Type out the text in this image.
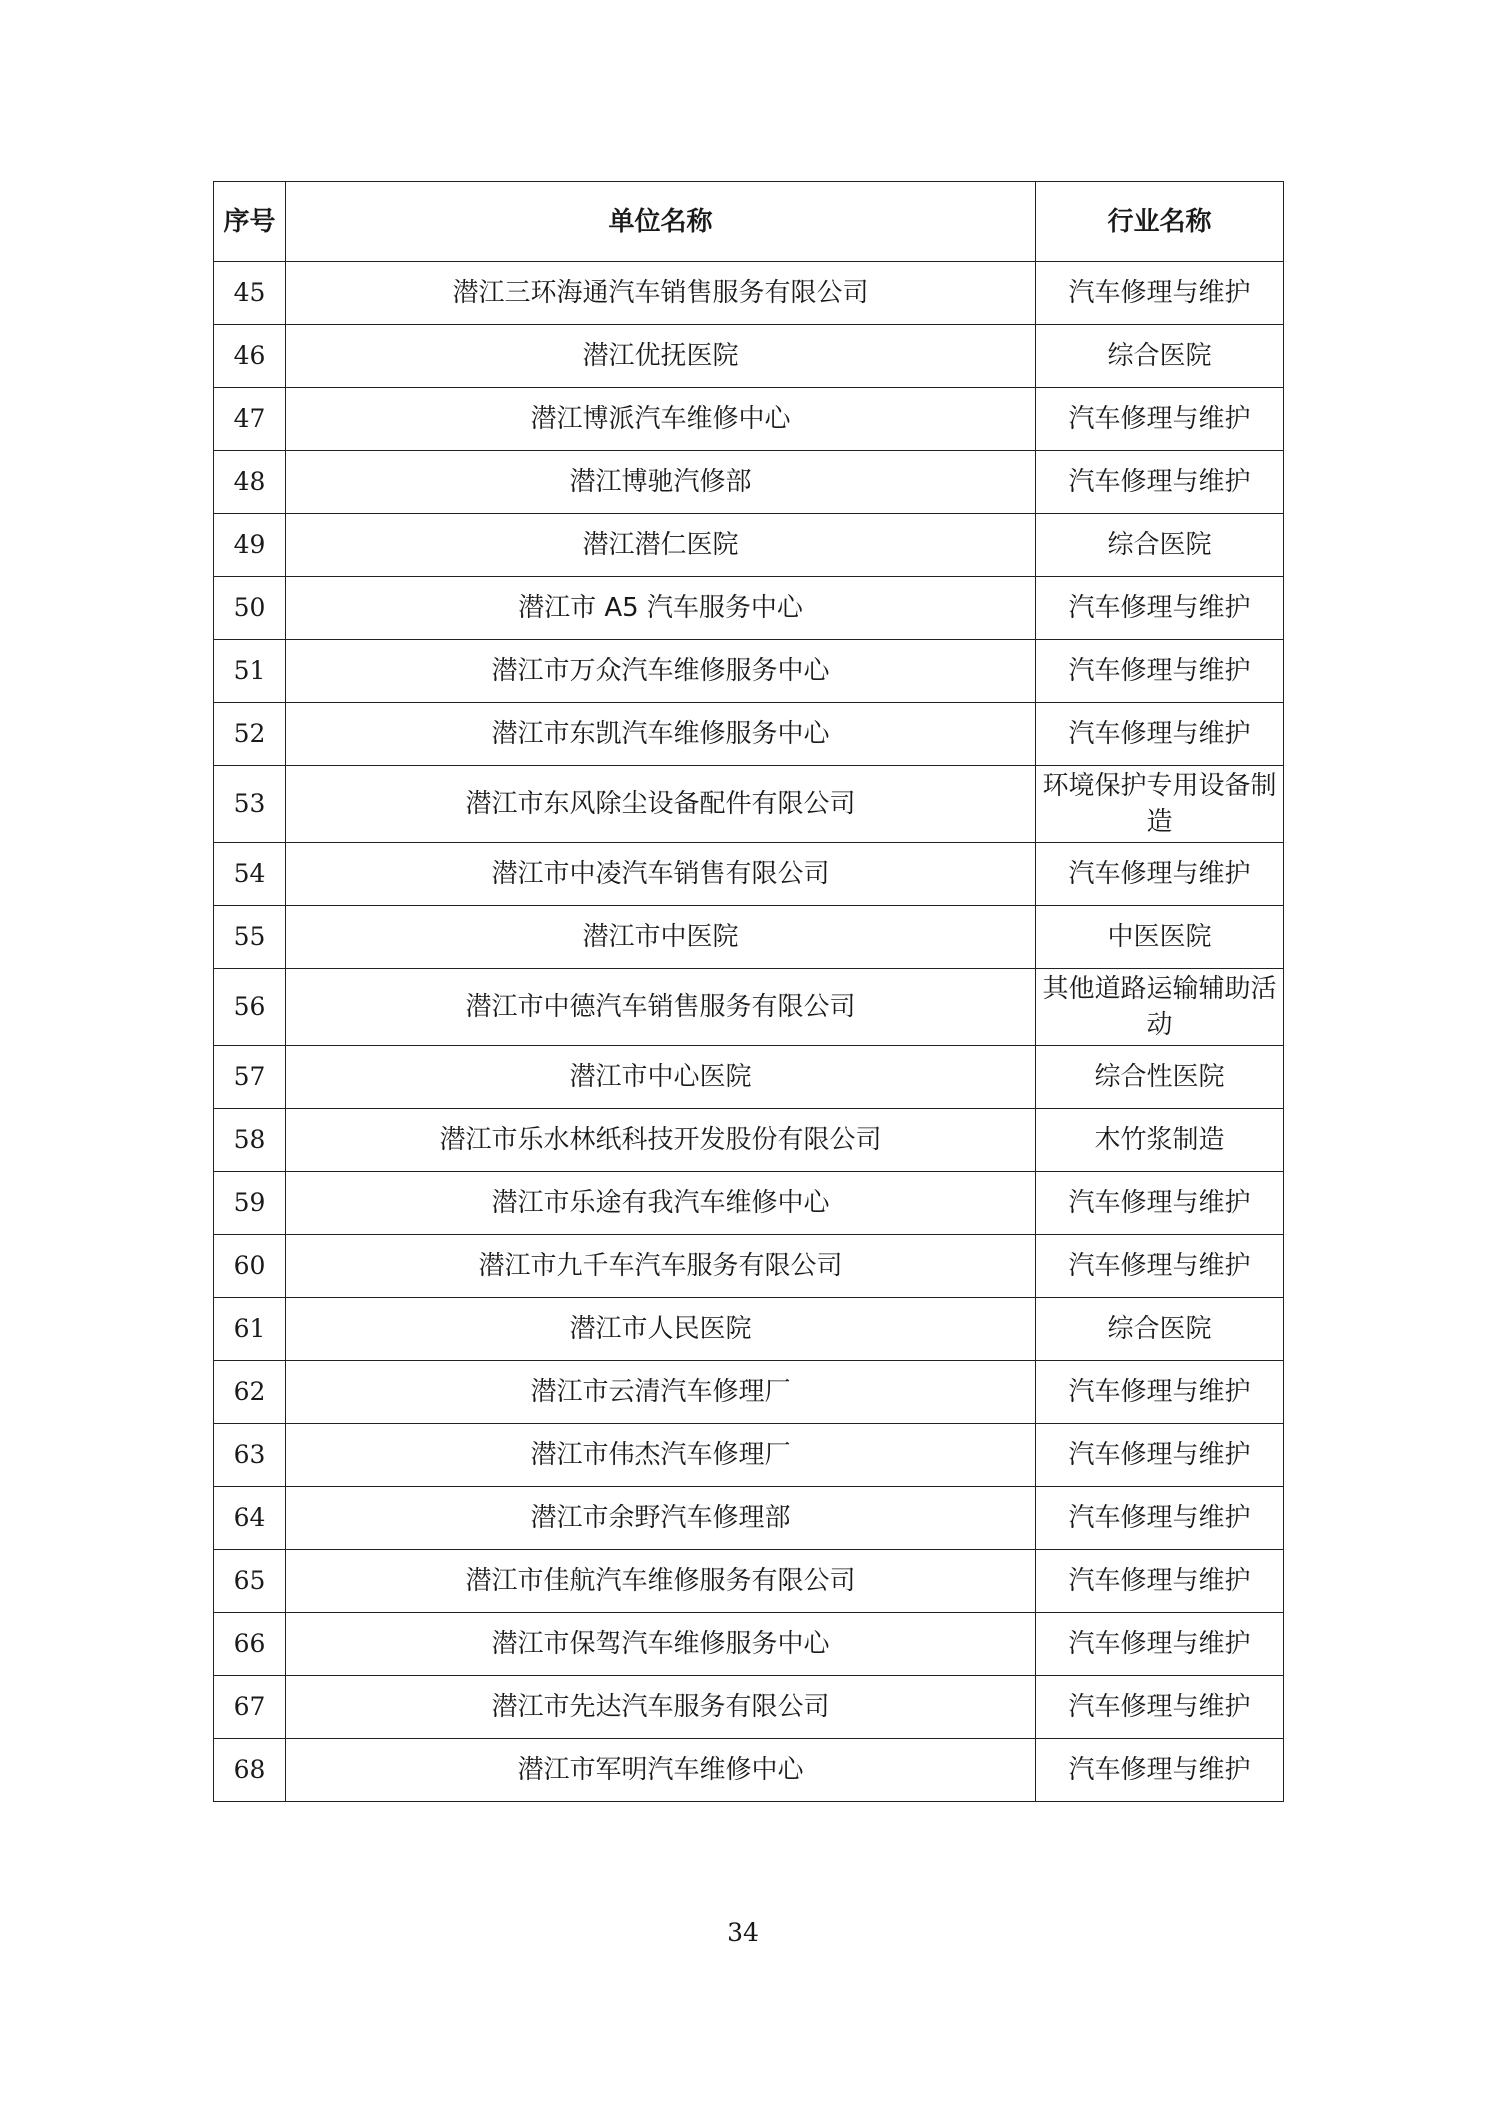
序号	单位名称	行业名称
45	潜江三环海通汽车销售服务有限公司	汽车修理与维护
46	潜江优抚医院	综合医院
47	潜江博派汽车维修中心	汽车修理与维护
48	潜江博驰汽修部	汽车修理与维护
49	潜江潜仁医院	综合医院
50	潜江市 A5 汽车服务中心	汽车修理与维护
51	潜江市万众汽车维修服务中心	汽车修理与维护
52	潜江市东凯汽车维修服务中心	汽车修理与维护
53	潜江市东风除尘设备配件有限公司	环境保护专用设备制造
54	潜江市中凌汽车销售有限公司	汽车修理与维护
55	潜江市中医院	中医医院
56	潜江市中德汽车销售服务有限公司	其他道路运输辅助活动
57	潜江市中心医院	综合性医院
58	潜江市乐水林纸科技开发股份有限公司	木竹浆制造
59	潜江市乐途有我汽车维修中心	汽车修理与维护
60	潜江市九千车汽车服务有限公司	汽车修理与维护
61	潜江市人民医院	综合医院
62	潜江市云清汽车修理厂	汽车修理与维护
63	潜江市伟杰汽车修理厂	汽车修理与维护
64	潜江市余野汽车修理部	汽车修理与维护
65	潜江市佳航汽车维修服务有限公司	汽车修理与维护
66	潜江市保驾汽车维修服务中心	汽车修理与维护
67	潜江市先达汽车服务有限公司	汽车修理与维护
68	潜江市军明汽车维修中心	汽车修理与维护
34
